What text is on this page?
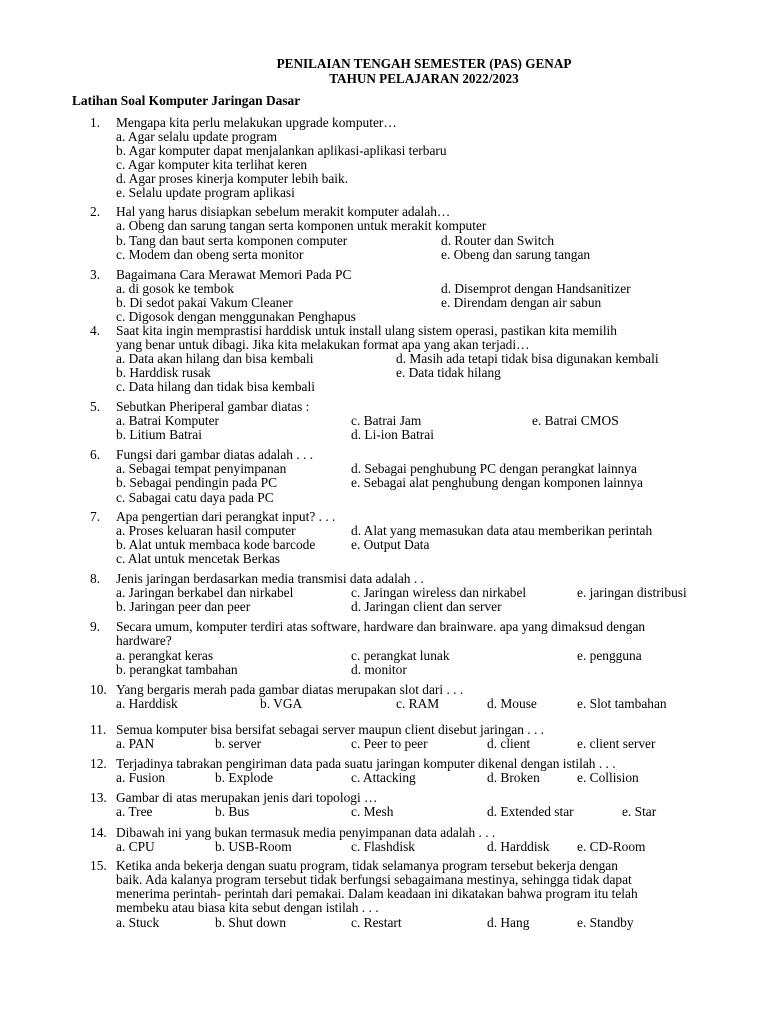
PENILAIAN TENGAH SEMESTER (PAS) GENAP
TAHUN PELAJARAN 2022/2023
Latihan Soal Komputer Jaringan Dasar
1. Mengapa kita perlu melakukan upgrade komputer…
a. Agar selalu update program
b. Agar komputer dapat menjalankan aplikasi-aplikasi terbaru
c. Agar komputer kita terlihat keren
d. Agar proses kinerja komputer lebih baik.
e. Selalu update program aplikasi
2. Hal yang harus disiapkan sebelum merakit komputer adalah…
a. Obeng dan sarung tangan serta komponen untuk merakit komputer
b. Tang dan baut serta komponen computer	d. Router dan Switch
c. Modem dan obeng serta monitor	e. Obeng dan sarung tangan
3. Bagaimana Cara Merawat Memori Pada PC
a. di gosok ke tembok	d. Disemprot dengan Handsanitizer
b. Di sedot pakai Vakum Cleaner	e. Direndam dengan air sabun
c. Digosok dengan menggunakan Penghapus
4. Saat kita ingin memprastisi harddisk untuk install ulang sistem operasi, pastikan kita memilih
yang benar untuk dibagi. Jika kita melakukan format apa yang akan terjadi…
a. Data akan hilang dan bisa kembali	d. Masih ada tetapi tidak bisa digunakan kembali
b. Harddisk rusak	e. Data tidak hilang
c. Data hilang dan tidak bisa kembali
5. Sebutkan Pheriperal gambar diatas :
a. Batrai Komputer	c. Batrai Jam	e. Batrai CMOS
b. Litium Batrai	d. Li-ion Batrai
6. Fungsi dari gambar diatas adalah . . .
a. Sebagai tempat penyimpanan	d. Sebagai penghubung PC dengan perangkat lainnya
b. Sebagai pendingin pada PC	e. Sebagai alat penghubung dengan komponen lainnya
c. Sabagai catu daya pada PC
7. Apa pengertian dari perangkat input? . . .
a. Proses keluaran hasil computer	d. Alat yang memasukan data atau memberikan perintah
b. Alat untuk membaca kode barcode	e. Output Data
c. Alat untuk mencetak Berkas
8. Jenis jaringan berdasarkan media transmisi data adalah . .
a. Jaringan berkabel dan nirkabel	c. Jaringan wireless dan nirkabel	e. jaringan distribusi
b. Jaringan peer dan peer	d. Jaringan client dan server
9. Secara umum, komputer terdiri atas software, hardware dan brainware. apa yang dimaksud dengan
hardware?
a. perangkat keras	c. perangkat lunak	e. pengguna
b. perangkat tambahan	d. monitor
10. Yang bergaris merah pada gambar diatas merupakan slot dari . . .
a. Harddisk	b. VGA	c. RAM	d. Mouse	e. Slot tambahan
11. Semua komputer bisa bersifat sebagai server maupun client disebut jaringan . . .
a. PAN	b. server	c. Peer to peer	d. client	e. client server
12. Terjadinya tabrakan pengiriman data pada suatu jaringan komputer dikenal dengan istilah . . .
a. Fusion	b. Explode	c. Attacking	d. Broken	e. Collision
13. Gambar di atas merupakan jenis dari topologi …
a. Tree	b. Bus	c. Mesh	d. Extended star	e. Star
14. Dibawah ini yang bukan termasuk media penyimpanan data adalah . . .
a. CPU	b. USB-Room	c. Flashdisk	d. Harddisk e. CD-Room
15. Ketika anda bekerja dengan suatu program, tidak selamanya program tersebut bekerja dengan
baik. Ada kalanya program tersebut tidak berfungsi sebagaimana mestinya, sehingga tidak dapat
menerima perintah- perintah dari pemakai. Dalam keadaan ini dikatakan bahwa program itu telah
membeku atau biasa kita sebut dengan istilah . . .
a. Stuck	b. Shut down	c. Restart	d. Hang	e. Standby
